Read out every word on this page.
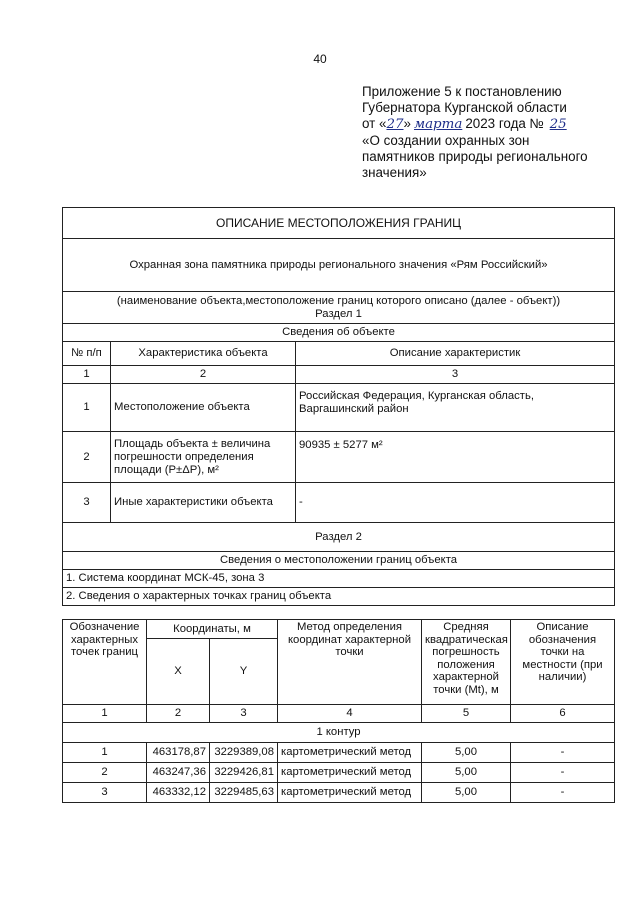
40
Приложение 5 к постановлению
Губернатора Курганской области
от «27» марта 2023 года № 25
«О создании охранных зон
памятников природы регионального
значения»
ОПИСАНИЕ МЕСТОПОЛОЖЕНИЯ ГРАНИЦ		
Охранная зона памятника природы регионального значения «Рям Российский»		

(наименование объекта,местоположение границ которого описано (далее - объект))
Раздел 1		

Сведения об объекте		
№ п/п	Характеристика объекта	Описание характеристик
1	2	3
1	Местоположение объекта	Российская Федерация, Курганская область, Варгашинский район
2	Площадь объекта ± величина погрешности определения площади (Р±ΔР), м²	90935 ± 5277 м²
3	Иные характеристики объекта	-
Раздел 2		
Сведения о местоположении границ объекта		
1. Система координат МСК-45, зона 3		
2. Сведения о характерных точках границ объекта		
Обозначение характерных точек границ	Координаты, м		Метод определения координат характерной точки	Средняя квадратическая погрешность положения характерной точки (Mt), м	Описание обозначения точки на местности (при наличии)
	X	Y			
1	2	3	4	5	6
1 контур					
1	463178,87	3229389,08	картометрический метод	5,00	-
2	463247,36	3229426,81	картометрический метод	5,00	-
3	463332,12	3229485,63	картометрический метод	5,00	-
